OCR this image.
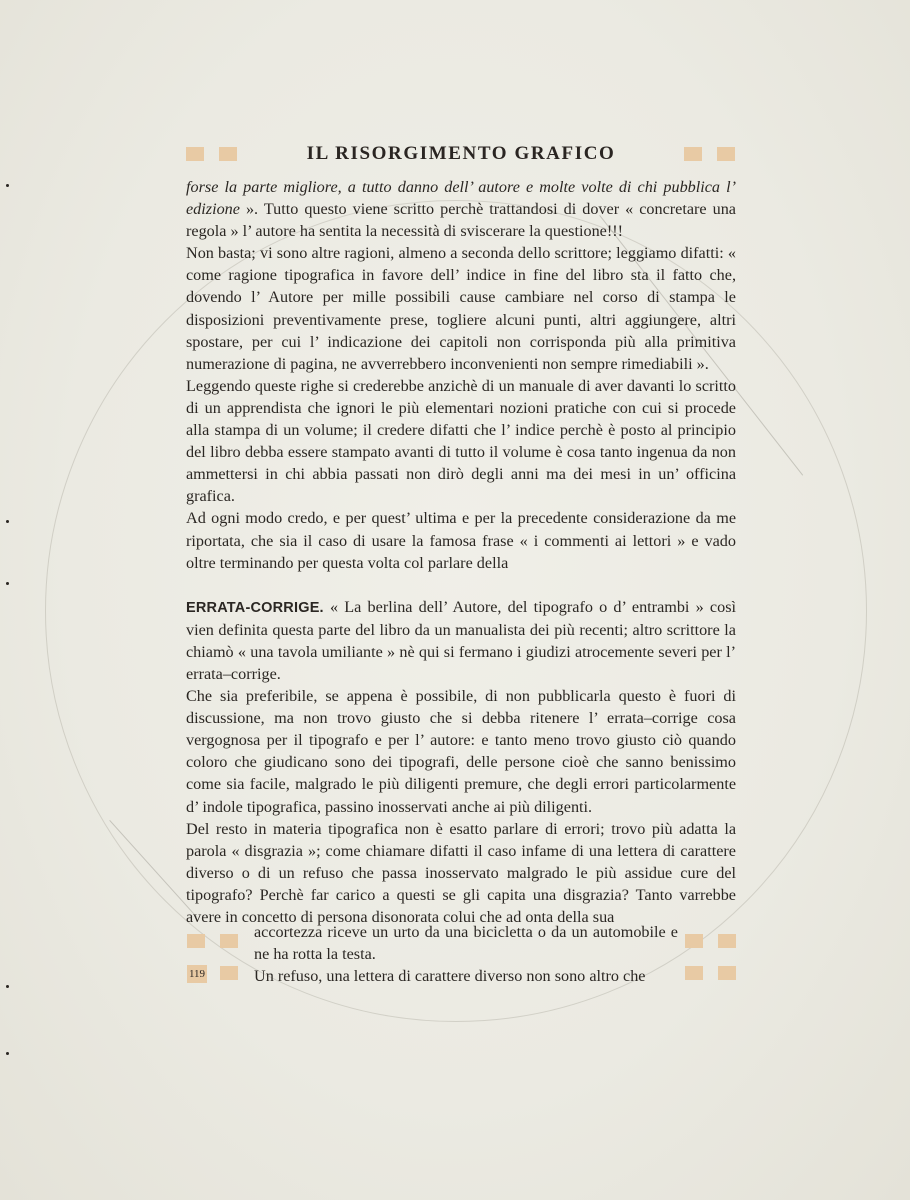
IL RISORGIMENTO GRAFICO

forse la parte migliore, a tutto danno dell’ autore e molte volte di chi pubblica l’ edizione ». Tutto questo viene scritto perchè trattandosi di dover « concretare una regola » l’ autore ha sentita la necessità di sviscerare la questione!!!

Non basta; vi sono altre ragioni, almeno a seconda dello scrittore; leggiamo difatti: « come ragione tipografica in favore dell’ indice in fine del libro sta il fatto che, dovendo l’ Autore per mille possibili cause cambiare nel corso di stampa le disposizioni preventivamente prese, togliere alcuni punti, altri aggiungere, altri spostare, per cui l’ indicazione dei capitoli non corrisponda più alla primitiva numerazione di pagina, ne avverrebbero inconvenienti non sempre rimediabili ».

Leggendo queste righe si crederebbe anzichè di un manuale di aver davanti lo scritto di un apprendista che ignori le più elementari nozioni pratiche con cui si procede alla stampa di un volume; il credere difatti che l’ indice perchè è posto al principio del libro debba essere stampato avanti di tutto il volume è cosa tanto ingenua da non ammettersi in chi abbia passati non dirò degli anni ma dei mesi in un’ officina grafica.

Ad ogni modo credo, e per quest’ ultima e per la precedente considerazione da me riportata, che sia il caso di usare la famosa frase « i commenti ai lettori » e vado oltre terminando per questa volta col parlare della

ERRATA-CORRIGE. « La berlina dell’ Autore, del tipografo o d’ entrambi » così vien definita questa parte del libro da un manualista dei più recenti; altro scrittore la chiamò « una tavola umiliante » nè qui si fermano i giudizi atrocemente severi per l’ errata–corrige.

Che sia preferibile, se appena è possibile, di non pubblicarla questo è fuori di discussione, ma non trovo giusto che si debba ritenere l’ errata–corrige cosa vergognosa per il tipografo e per l’ autore: e tanto meno trovo giusto ciò quando coloro che giudicano sono dei tipografi, delle persone cioè che sanno benissimo come sia facile, malgrado le più diligenti premure, che degli errori particolarmente d’ indole tipografica, passino inosservati anche ai più diligenti.

Del resto in materia tipografica non è esatto parlare di errori; trovo più adatta la parola « disgrazia »; come chiamare difatti il caso infame di una lettera di carattere diverso o di un refuso che passa inosservato malgrado le più assidue cure del tipografo? Perchè far carico a questi se gli capita una disgrazia? Tanto varrebbe avere in concetto di persona disonorata colui che ad onta della sua

accortezza riceve un urto da una bicicletta o da un automobile e ne ha rotta la testa.

Un refuso, una lettera di carattere diverso non sono altro che

119
